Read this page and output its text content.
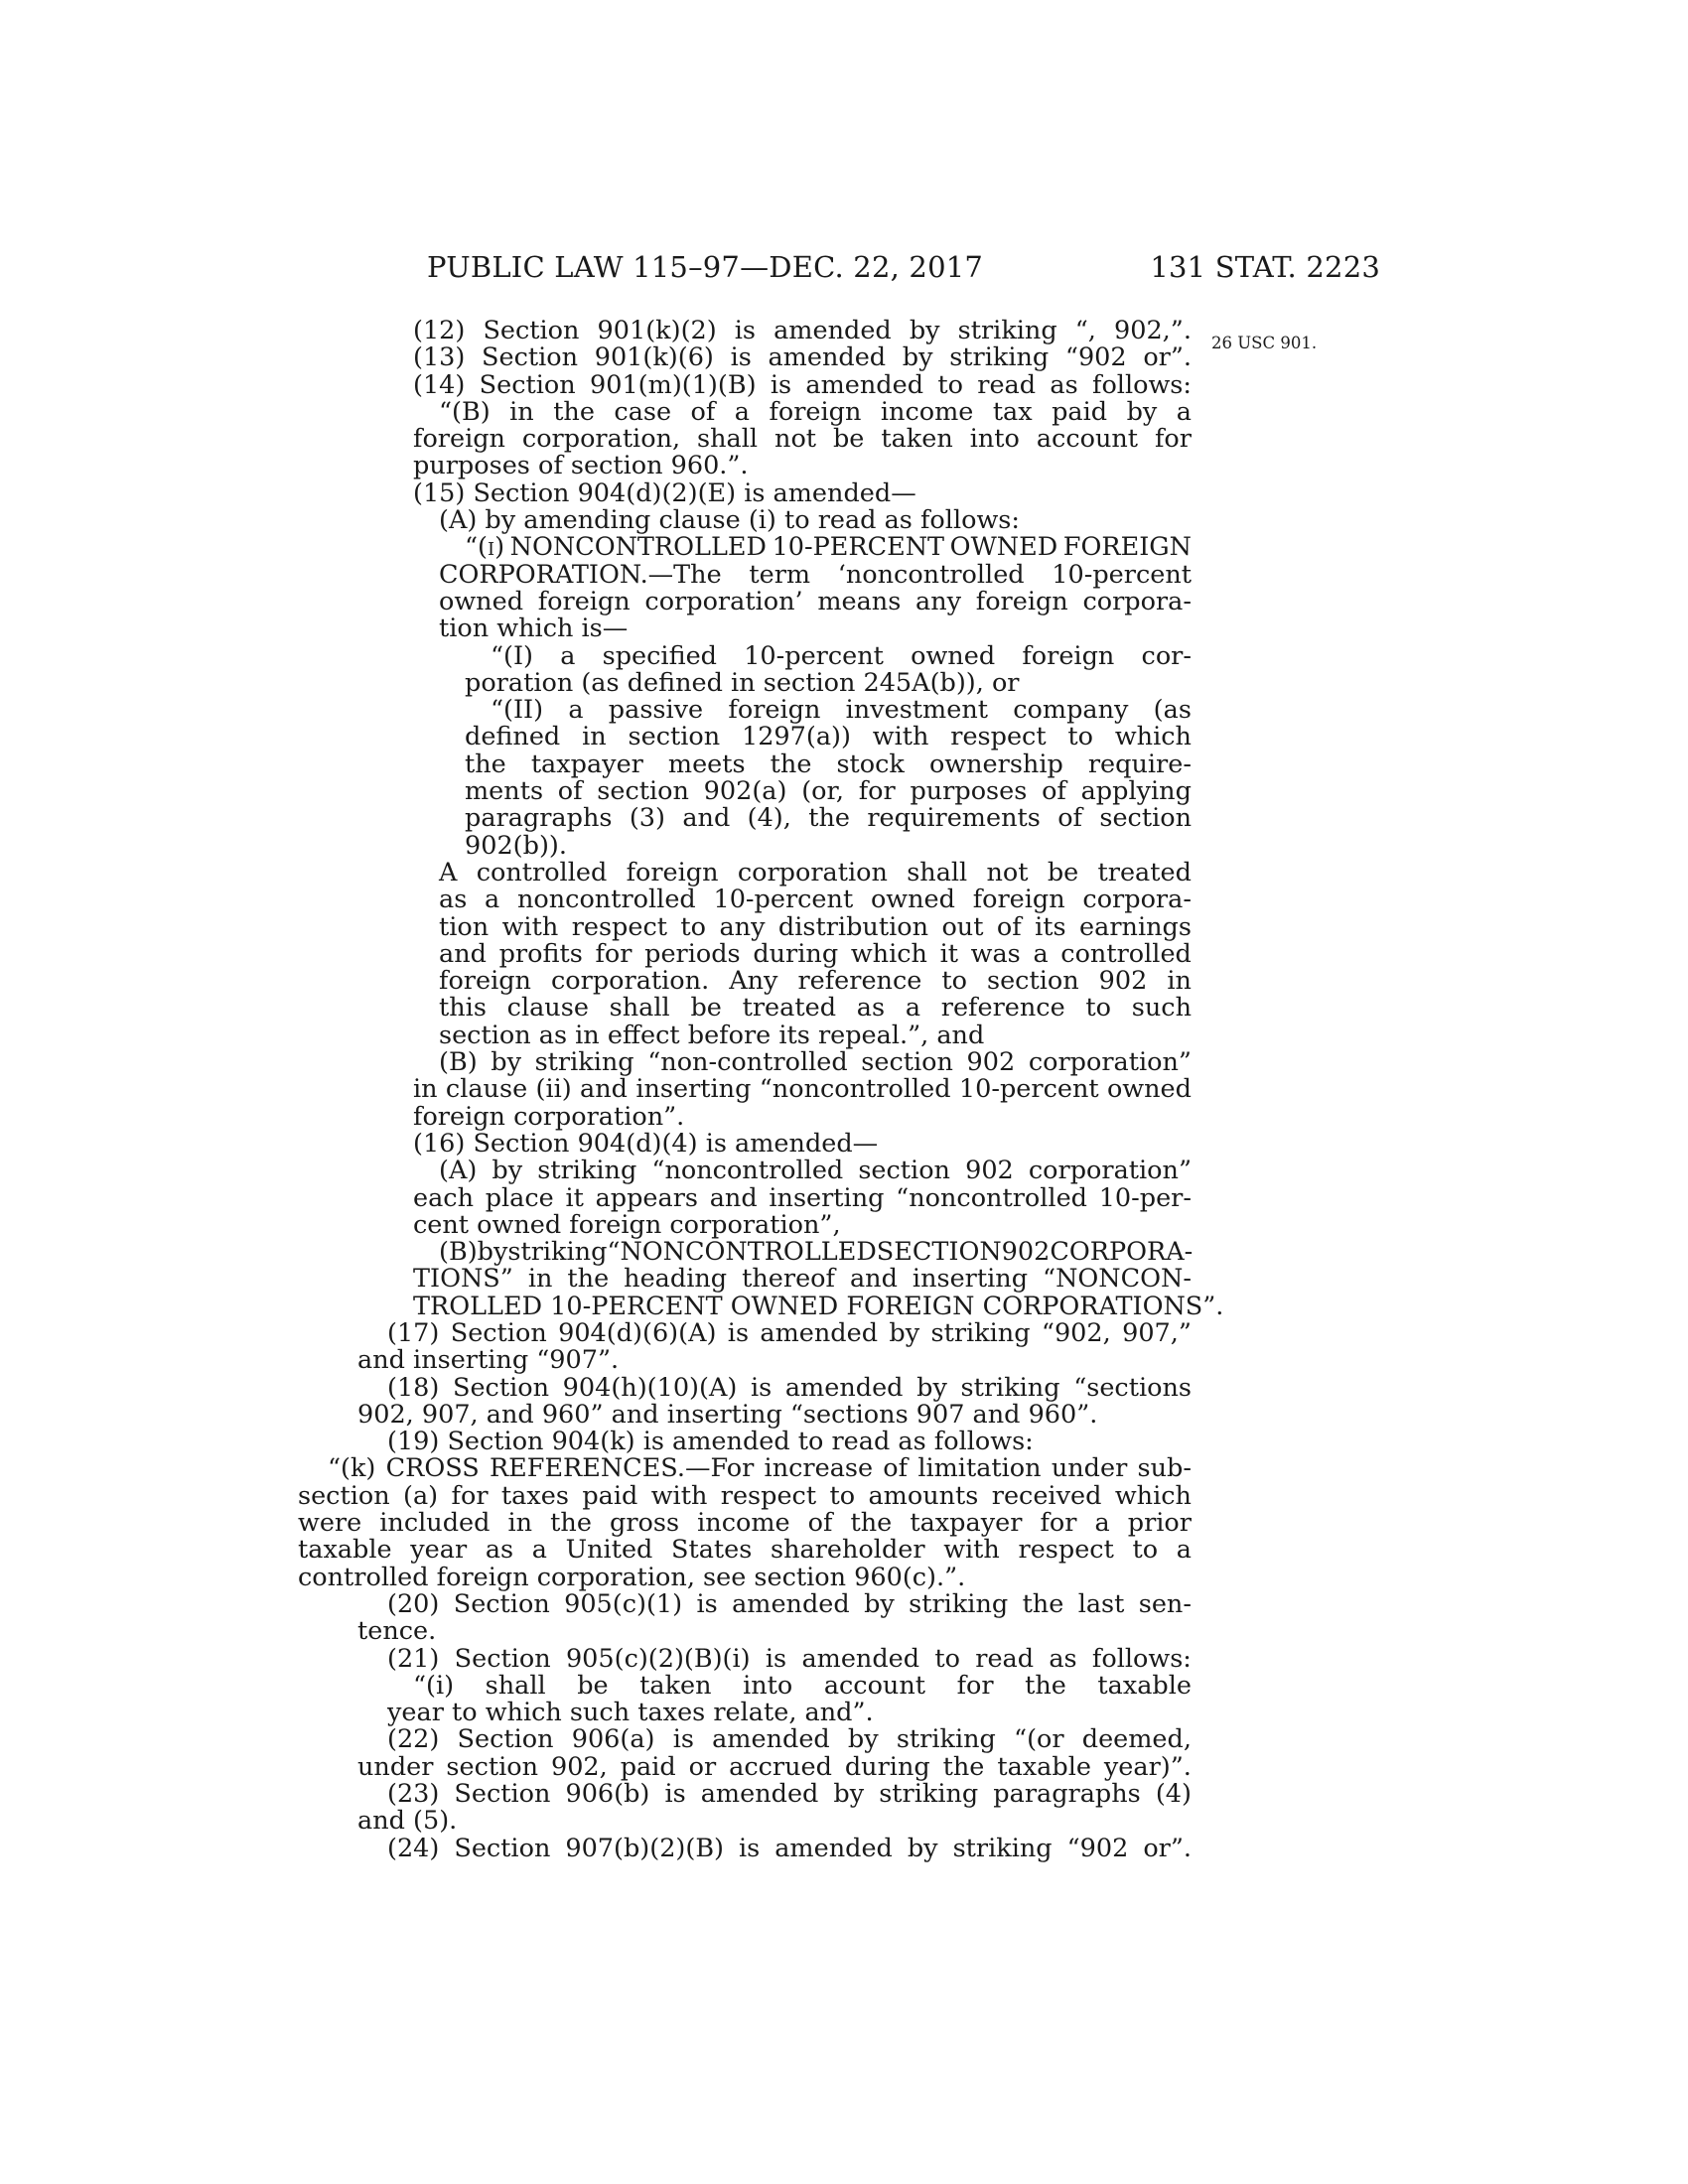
PUBLIC LAW 115–97—DEC. 22, 2017	131 STAT. 2223
26 USC 901.
(12) Section 901(k)(2) is amended by striking “, 902,”.
(13) Section 901(k)(6) is amended by striking “902 or”.
(14) Section 901(m)(1)(B) is amended to read as follows:
“(B) in the case of a foreign income tax paid by a
foreign corporation, shall not be taken into account for
purposes of section 960.”.
(15) Section 904(d)(2)(E) is amended—
(A) by amending clause (i) to read as follows:
“(i) NONCONTROLLED 10-PERCENT OWNED FOREIGN
CORPORATION.—The term ‘noncontrolled 10-percent
owned foreign corporation’ means any foreign corpora-
tion which is—
“(I) a specified 10-percent owned foreign cor-
poration (as defined in section 245A(b)), or
“(II) a passive foreign investment company (as
defined in section 1297(a)) with respect to which
the taxpayer meets the stock ownership require-
ments of section 902(a) (or, for purposes of applying
paragraphs (3) and (4), the requirements of section
902(b)).
A controlled foreign corporation shall not be treated
as a noncontrolled 10-percent owned foreign corpora-
tion with respect to any distribution out of its earnings
and profits for periods during which it was a controlled
foreign corporation. Any reference to section 902 in
this clause shall be treated as a reference to such
section as in effect before its repeal.”, and
(B) by striking “non-controlled section 902 corporation”
in clause (ii) and inserting “noncontrolled 10-percent owned
foreign corporation”.
(16) Section 904(d)(4) is amended—
(A) by striking “noncontrolled section 902 corporation”
each place it appears and inserting “noncontrolled 10-per-
cent owned foreign corporation”,
(B) by striking “NONCONTROLLED SECTION 902 CORPORA-
TIONS” in the heading thereof and inserting “NONCON-
TROLLED 10-PERCENT OWNED FOREIGN CORPORATIONS”.
(17) Section 904(d)(6)(A) is amended by striking “902, 907,”
and inserting “907”.
(18) Section 904(h)(10)(A) is amended by striking “sections
902, 907, and 960” and inserting “sections 907 and 960”.
(19) Section 904(k) is amended to read as follows:
“(k) CROSS REFERENCES.—For increase of limitation under sub-
section (a) for taxes paid with respect to amounts received which
were included in the gross income of the taxpayer for a prior
taxable year as a United States shareholder with respect to a
controlled foreign corporation, see section 960(c).”.
(20) Section 905(c)(1) is amended by striking the last sen-
tence.
(21) Section 905(c)(2)(B)(i) is amended to read as follows:
“(i) shall be taken into account for the taxable
year to which such taxes relate, and”.
(22) Section 906(a) is amended by striking “(or deemed,
under section 902, paid or accrued during the taxable year)”.
(23) Section 906(b) is amended by striking paragraphs (4)
and (5).
(24) Section 907(b)(2)(B) is amended by striking “902 or”.
